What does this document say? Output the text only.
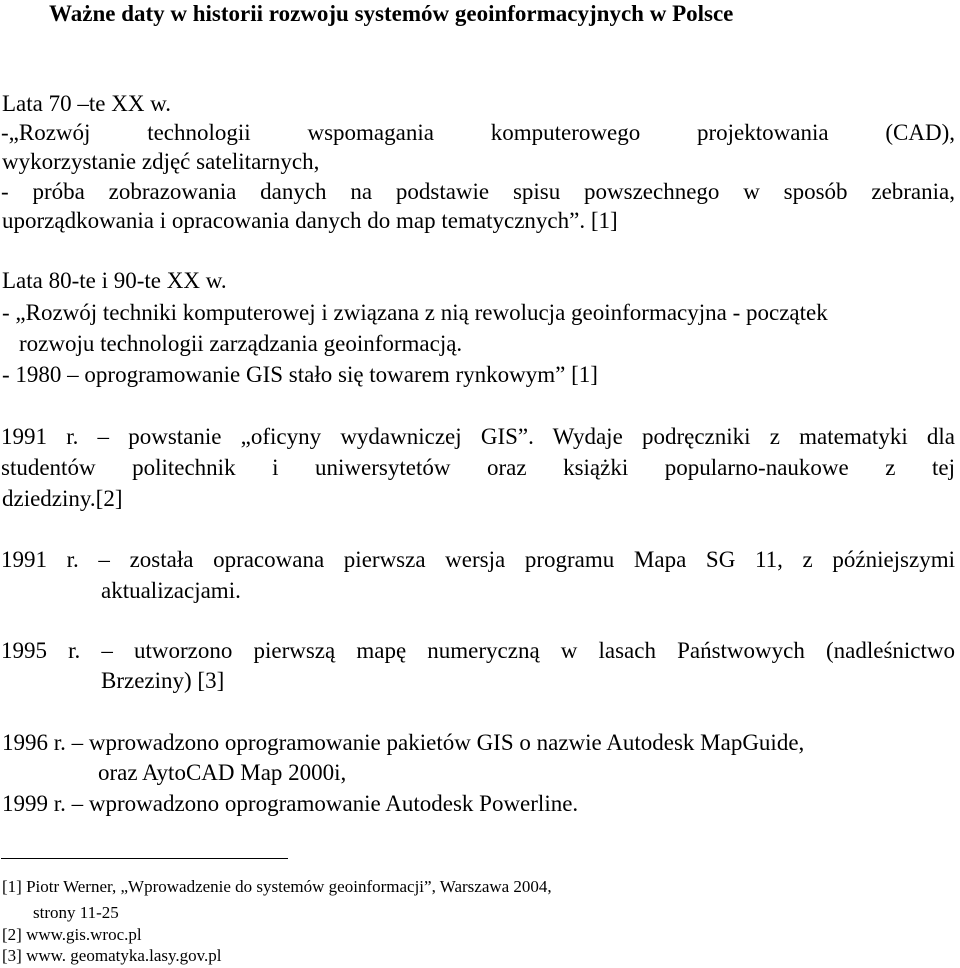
Ważne daty w historii rozwoju systemów geoinformacyjnych w Polsce
Lata 70 –te XX w.
-„Rozwój technologii wspomagania komputerowego projektowania (CAD),
wykorzystanie zdjęć satelitarnych,
- próba zobrazowania danych na podstawie spisu powszechnego w sposób zebrania,
uporządkowania i opracowania danych do map tematycznych”. [1]
Lata 80-te i 90-te XX w.
- „Rozwój techniki komputerowej i związana z nią rewolucja geoinformacyjna - początek
rozwoju technologii zarządzania geoinformacją.
- 1980 – oprogramowanie GIS stało się towarem rynkowym” [1]
1991 r. – powstanie „oficyny wydawniczej GIS”. Wydaje podręczniki z matematyki dla
studentów politechnik i uniwersytetów oraz książki popularno-naukowe z tej
dziedziny.[2]
1991 r. – została opracowana pierwsza wersja programu Mapa SG 11, z późniejszymi
aktualizacjami.
1995 r. – utworzono pierwszą mapę numeryczną w lasach Państwowych (nadleśnictwo
Brzeziny) [3]
1996 r. – wprowadzono oprogramowanie pakietów GIS o nazwie Autodesk MapGuide,
oraz AytoCAD Map 2000i,
1999 r. – wprowadzono oprogramowanie Autodesk Powerline.
[1] Piotr Werner, „Wprowadzenie do systemów geoinformacji”, Warszawa 2004,
strony 11-25
[2] www.gis.wroc.pl
[3] www. geomatyka.lasy.gov.pl
